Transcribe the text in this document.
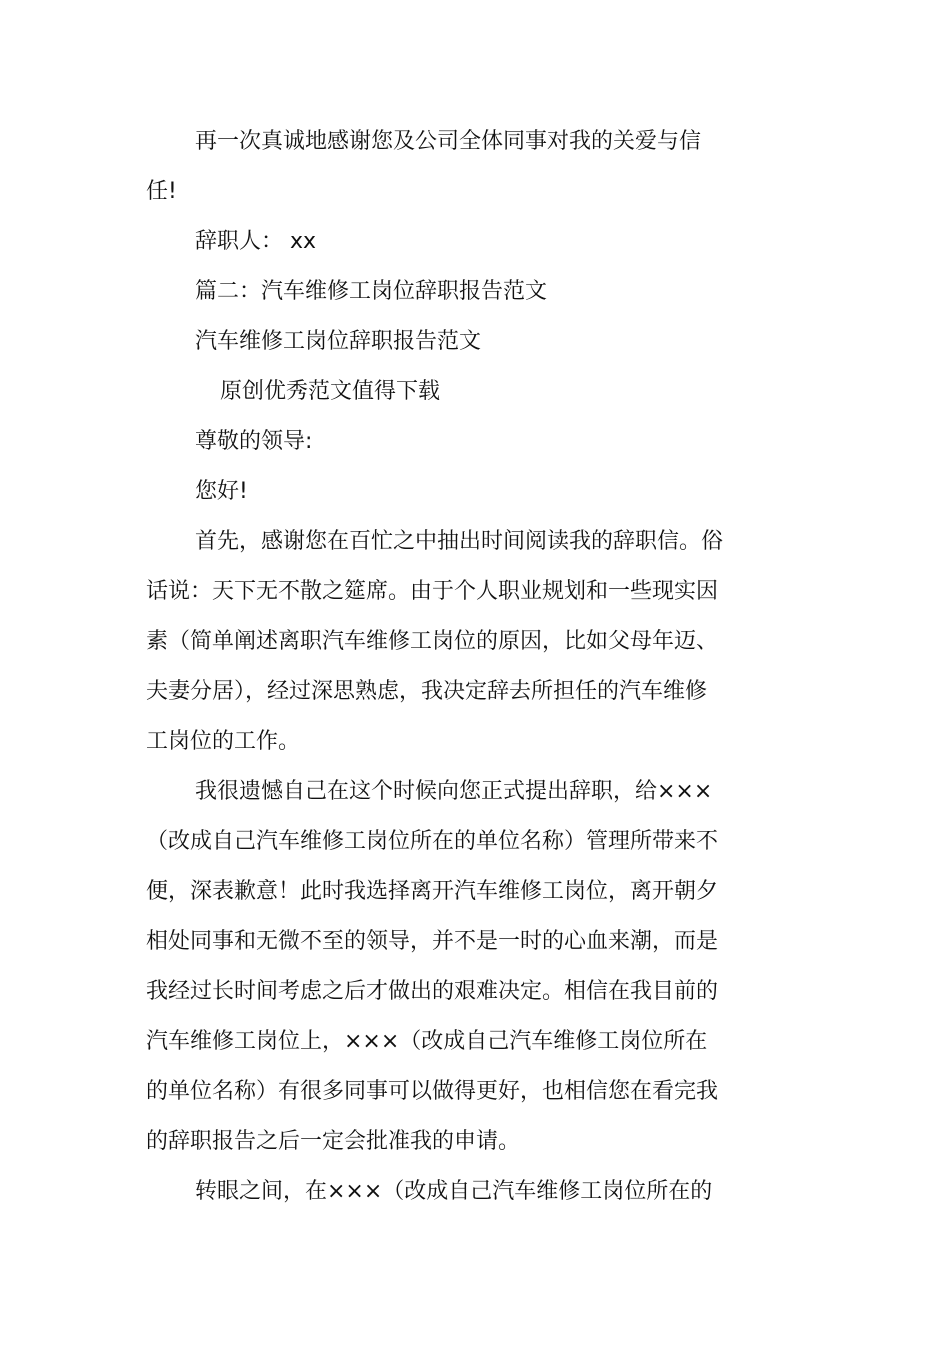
再一次真诚地感谢您及公司全体同事对我的关爱与信
任!
辞职人： xx
篇二：汽车维修工岗位辞职报告范文
汽车维修工岗位辞职报告范文
原创优秀范文值得下载
尊敬的领导:
您好!
首先，感谢您在百忙之中抽出时间阅读我的辞职信。俗
话说：天下无不散之筵席。由于个人职业规划和一些现实因
素（简单阐述离职汽车维修工岗位的原因，比如父母年迈、
夫妻分居），经过深思熟虑，我决定辞去所担任的汽车维修
工岗位的工作。
我很遗憾自己在这个时候向您正式提出辞职，给×××
（改成自己汽车维修工岗位所在的单位名称）管理所带来不
便，深表歉意！此时我选择离开汽车维修工岗位，离开朝夕
相处同事和无微不至的领导，并不是一时的心血来潮，而是
我经过长时间考虑之后才做出的艰难决定。相信在我目前的
汽车维修工岗位上，×××（改成自己汽车维修工岗位所在
的单位名称）有很多同事可以做得更好，也相信您在看完我
的辞职报告之后一定会批准我的申请。
转眼之间，在×××（改成自己汽车维修工岗位所在的
